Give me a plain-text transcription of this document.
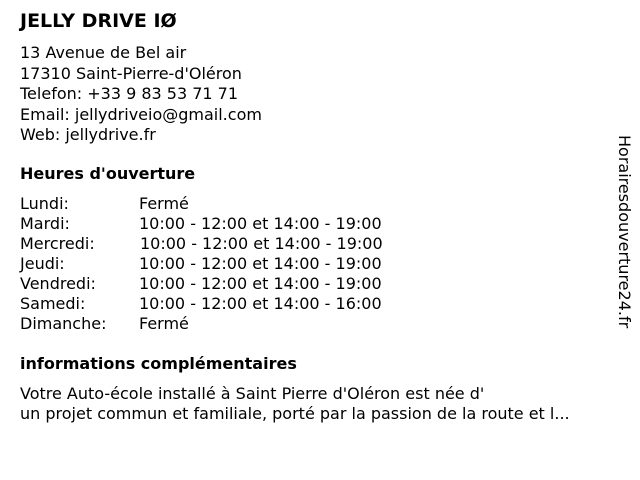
JELLY DRIVE IØ
13 Avenue de Bel air
17310 Saint-Pierre-d'Oléron
Telefon: +33 9 83 53 71 71
Email: jellydriveio@gmail.com
Web: jellydrive.fr
Heures d'ouverture
Lundi:	Fermé
Mardi:	10:00 - 12:00 et 14:00 - 19:00
Mercredi:	10:00 - 12:00 et 14:00 - 19:00
Jeudi:	10:00 - 12:00 et 14:00 - 19:00
Vendredi:	10:00 - 12:00 et 14:00 - 19:00
Samedi:	10:00 - 12:00 et 14:00 - 16:00
Dimanche: Fermé
informations complémentaires
Votre Auto-école installé à Saint Pierre d'Oléron est née d'
un projet commun et familiale, porté par la passion de la route et l...
Horairesdouverture24.fr
